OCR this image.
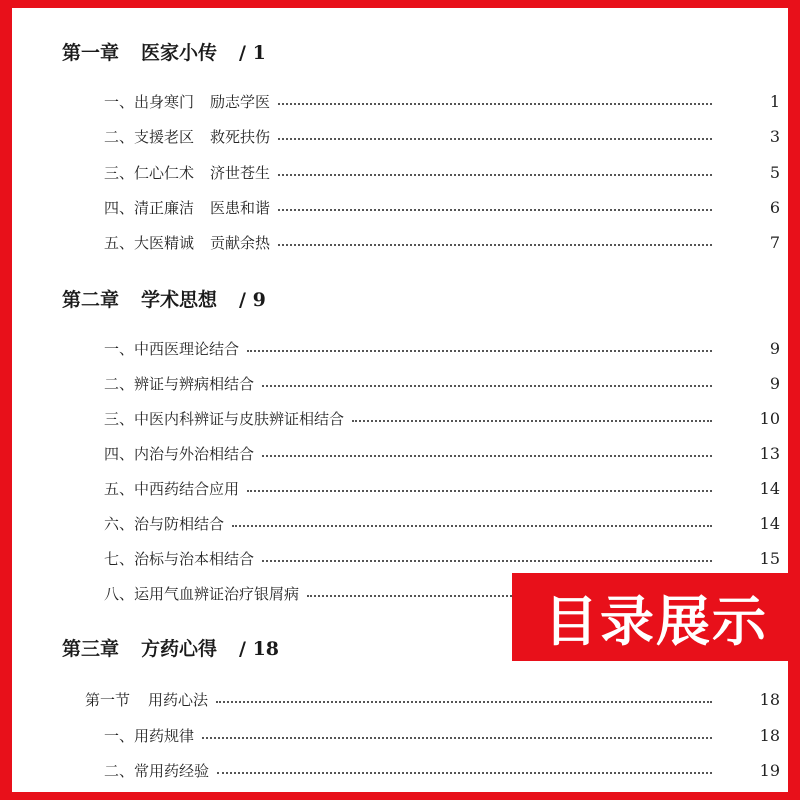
第一章 医家小传 / 1
一、 出身寒门 励志学医	1
二、 支援老区 救死扶伤	3
三、 仁心仁术 济世苍生	5
四、 清正廉洁 医患和谐	6
五、 大医精诚 贡献余热	7
第二章 学术思想 / 9
一、 中西医理论结合	9
二、 辨证与辨病相结合	9
三、 中医内科辨证与皮肤辨证相结合	10
四、 内治与外治相结合	13
五、 中西药结合应用	14
六、 治与防相结合	14
七、 治标与治本相结合	15
八、 运用气血辨证治疗银屑病
第三章 方药心得 / 18
第一节 用药心法	18
一、 用药规律	18
二、 常用药经验	19
目录展示
